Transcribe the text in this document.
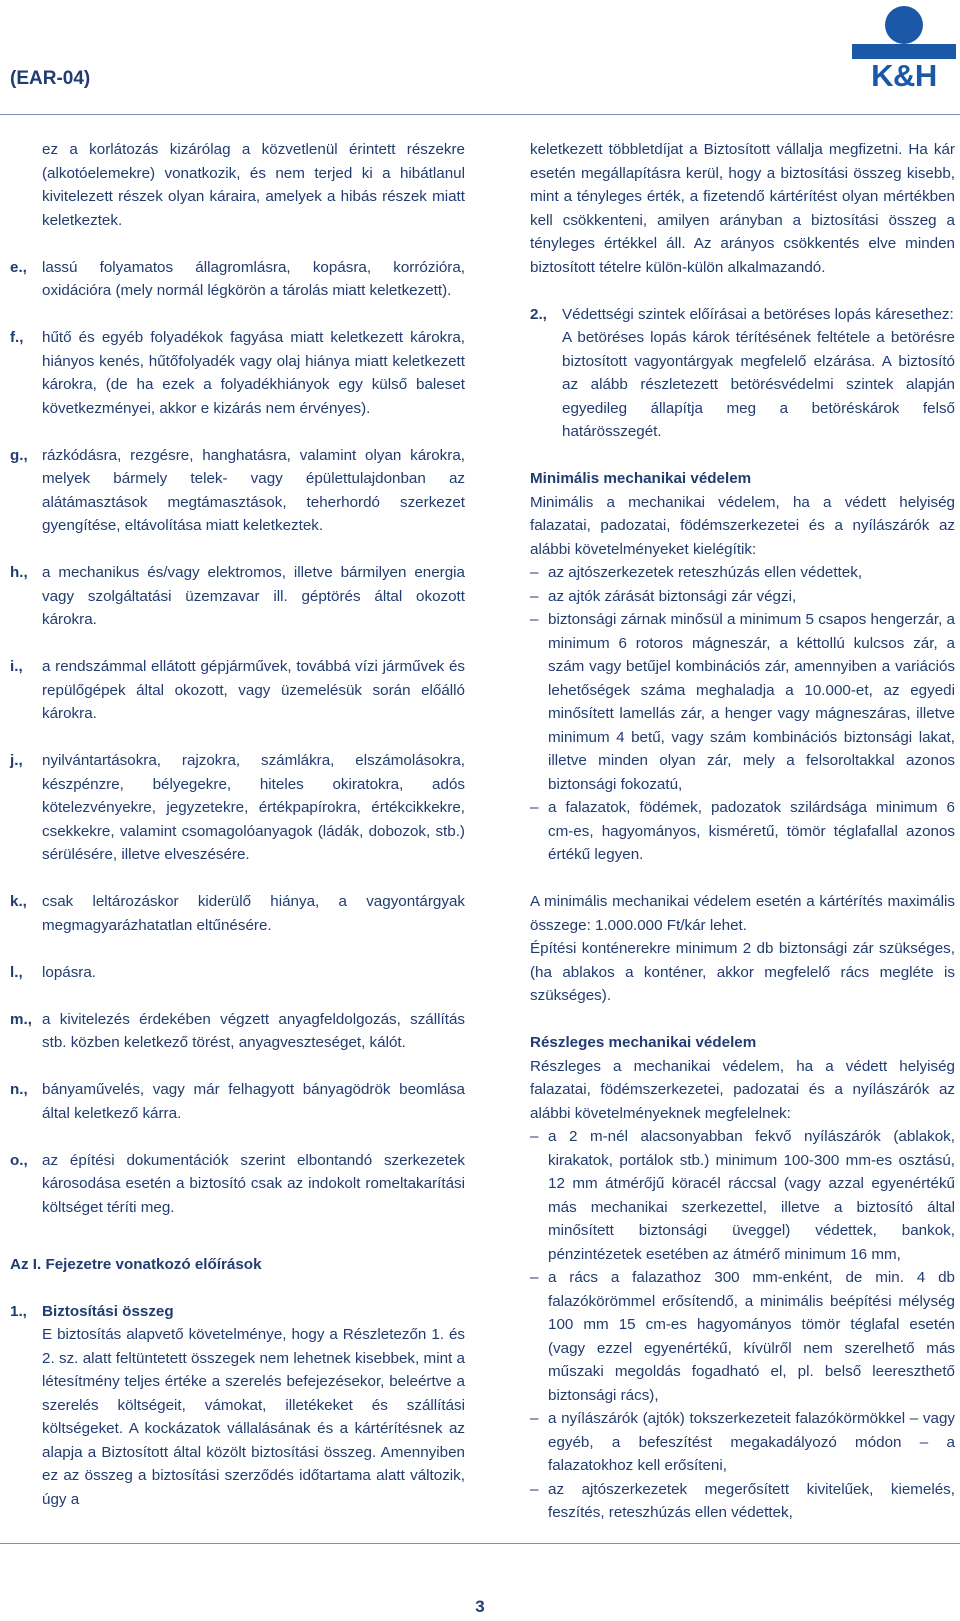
(EAR-04)	K&H

ez a korlátozás kizárólag a közvetlenül érintett részekre (alkotóelemekre) vonatkozik, és nem terjed ki a hibátlanul kivitelezett részek olyan káraira, amelyek a hibás részek miatt keletkeztek.

e., lassú folyamatos állagromlásra, kopásra, korrózióra, oxidációra (mely normál légkörön a tárolás miatt keletkezett).
f.,	hűtő és egyéb folyadékok fagyása miatt keletkezett károkra, hiányos kenés, hűtőfolyadék vagy olaj hiánya miatt keletkezett károkra, (de ha ezek a folyadékhiányok egy külső baleset következményei, akkor e kizárás nem érvényes).
g., rázkódásra, rezgésre, hanghatásra, valamint olyan károkra, melyek bármely telek- vagy épülettulajdonban az alátámasztások megtámasztások, teherhordó szerkezet gyengítése, eltávolítása miatt keletkeztek.
h., a mechanikus és/vagy elektromos, illetve bármilyen energia vagy szolgáltatási üzemzavar ill. géptörés által okozott károkra.
i.,	a rendszámmal ellátott gépjárművek, továbbá vízi járművek és repülőgépek által okozott, vagy üzemelésük során előálló károkra.
j.,	nyilvántartásokra, rajzokra, számlákra, elszámolásokra, készpénzre, bélyegekre, hiteles okiratokra, adós kötelezvényekre, jegyzetekre, értékpapírokra, értékcikkekre, csekkekre, valamint csomagolóanyagok (ládák, dobozok, stb.) sérülésére, illetve elveszésére.
k., csak leltározáskor kiderülő hiánya, a vagyontárgyak megmagyarázhatatlan eltűnésére.
l.,	lopásra.
m., a kivitelezés érdekében végzett anyagfeldolgozás, szállítás stb. közben keletkező törést, anyagveszteséget, kálót.
n., bányaművelés, vagy már felhagyott bányagödrök beomlása által keletkező kárra.
o., az építési dokumentációk szerint elbontandó szerkezetek károsodása esetén a biztosító csak az indokolt romeltakarítási költséget téríti meg.

Az I. Fejezetre vonatkozó előírások

1., Biztosítási összeg

E biztosítás alapvető követelménye, hogy a Részletezőn 1. és 2. sz. alatt feltüntetett összegek nem lehetnek kisebbek, mint a létesítmény teljes értéke a szerelés befejezésekor, beleértve a szerelés költségeit, vámokat, illetékeket és szállítási költségeket. A kockázatok vállalásának és a kártérítésnek az alapja a Biztosított által közölt biztosítási összeg. Amennyiben ez az összeg a biztosítási szerződés időtartama alatt változik, úgy a

keletkezett többletdíjat a Biztosított vállalja megfizetni. Ha kár esetén megállapításra kerül, hogy a biztosítási összeg kisebb, mint a tényleges érték, a fizetendő kártérítést olyan mértékben kell csökkenteni, amilyen arányban a biztosítási összeg a tényleges értékkel áll. Az arányos csökkentés elve minden biztosított tételre külön-külön alkalmazandó.

2., Védettségi szintek előírásai a betöréses lopás káresethez:

A betöréses lopás károk térítésének feltétele a betörésre biztosított vagyontárgyak megfelelő elzárása. A biztosító az alább részletezett betörésvédelmi szintek alapján egyedileg állapítja meg a betöréskárok felső határösszegét.

Minimális mechanikai védelem

Minimális a mechanikai védelem, ha a védett helyiség falazatai, padozatai, födémszerkezetei és a nyílászárók az alábbi követelményeket kielégítik:

– az ajtószerkezetek reteszhúzás ellen védettek,
– az ajtók zárását biztonsági zár végzi,
– biztonsági zárnak minősül a minimum 5 csapos hengerzár, a minimum 6 rotoros mágneszár, a kéttollú kulcsos zár, a szám vagy betűjel kombinációs zár, amennyiben a variációs lehetőségek száma meghaladja a 10.000-et, az egyedi minősített lamellás zár, a henger vagy mágneszáras, illetve minimum 4 betű, vagy szám kombinációs biztonsági lakat, illetve minden olyan zár, mely a felsoroltakkal azonos biztonsági fokozatú,
– a falazatok, födémek, padozatok szilárdsága minimum 6 cm-es, hagyományos, kisméretű, tömör téglafallal azonos értékű legyen.

A minimális mechanikai védelem esetén a kártérítés maximális összege: 1.000.000 Ft/kár lehet.

Építési konténerekre minimum 2 db biztonsági zár szükséges, (ha ablakos a konténer, akkor megfelelő rács megléte is szükséges).

Részleges mechanikai védelem

Részleges a mechanikai védelem, ha a védett helyiség falazatai, födémszerkezetei, padozatai és a nyílászárók az alábbi követelményeknek megfelelnek:

– a 2 m-nél alacsonyabban fekvő nyílászárók (ablakok, kirakatok, portálok stb.) minimum 100-300 mm-es osztású, 12 mm átmérőjű köracél ráccsal (vagy azzal egyenértékű más mechanikai szerkezettel, illetve a biztosító által minősített biztonsági üveggel) védettek, bankok, pénzintézetek esetében az átmérő minimum 16 mm,
– a rács a falazathoz 300 mm-enként, de min. 4 db falazókörömmel erősítendő, a minimális beépítési mélység 100 mm 15 cm-es hagyományos tömör téglafal esetén (vagy ezzel egyenértékű, kívülről nem szerelhető más műszaki megoldás fogadható el, pl. belső leereszthető biztonsági rács),
– a nyílászárók (ajtók) tokszerkezeteit falazókörmökkel – vagy egyéb, a befeszítést megakadályozó módon – a falazatokhoz kell erősíteni,
– az ajtószerkezetek megerősített kivitelűek, kiemelés, feszítés, reteszhúzás ellen védettek,
3
